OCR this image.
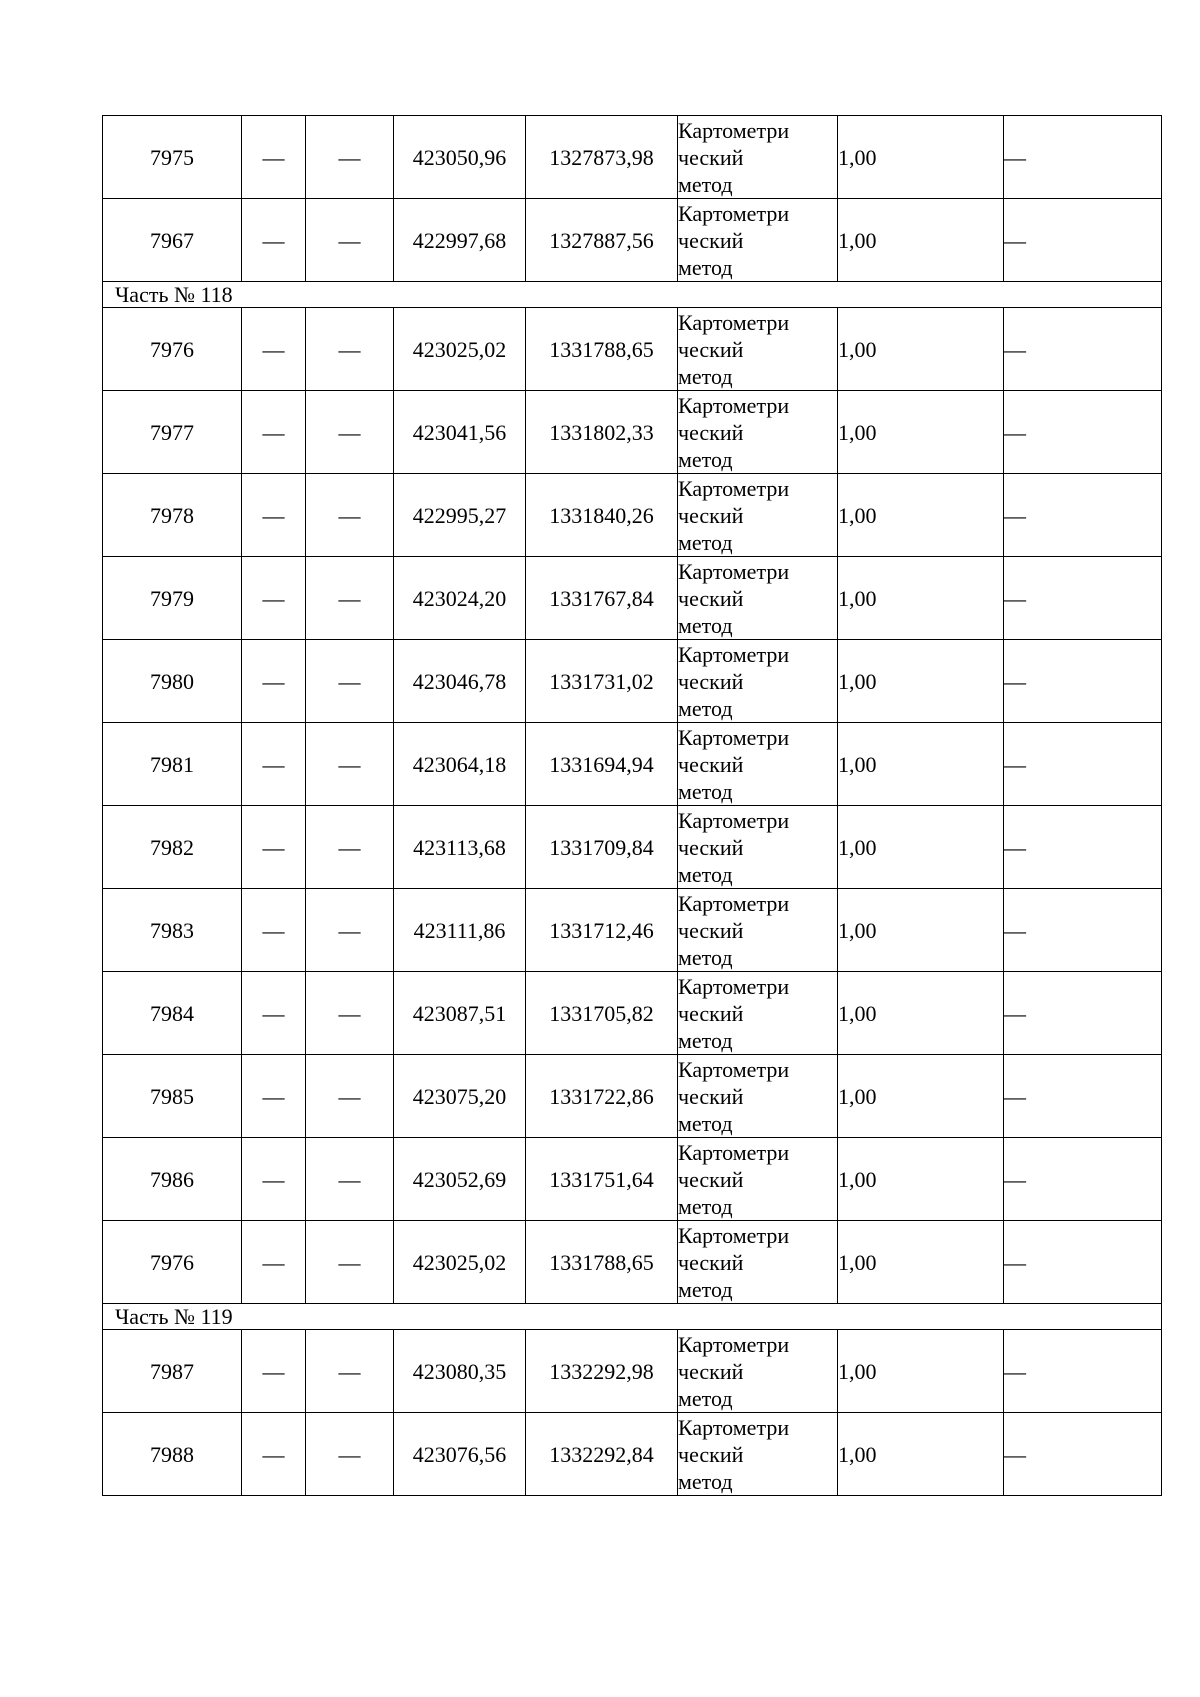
7975	—	—	423050,96	1327873,98	Картометри
ческий
метод	1,00	—
7967	—	—	422997,68	1327887,56	Картометри
ческий
метод	1,00	—
Часть № 118							
7976	—	—	423025,02	1331788,65	Картометри
ческий
метод	1,00	—
7977	—	—	423041,56	1331802,33	Картометри
ческий
метод	1,00	—
7978	—	—	422995,27	1331840,26	Картометри
ческий
метод	1,00	—
7979	—	—	423024,20	1331767,84	Картометри
ческий
метод	1,00	—
7980	—	—	423046,78	1331731,02	Картометри
ческий
метод	1,00	—
7981	—	—	423064,18	1331694,94	Картометри
ческий
метод	1,00	—
7982	—	—	423113,68	1331709,84	Картометри
ческий
метод	1,00	—
7983	—	—	423111,86	1331712,46	Картометри
ческий
метод	1,00	—
7984	—	—	423087,51	1331705,82	Картометри
ческий
метод	1,00	—
7985	—	—	423075,20	1331722,86	Картометри
ческий
метод	1,00	—
7986	—	—	423052,69	1331751,64	Картометри
ческий
метод	1,00	—
7976	—	—	423025,02	1331788,65	Картометри
ческий
метод	1,00	—
Часть № 119							
7987	—	—	423080,35	1332292,98	Картометри
ческий
метод	1,00	—
7988	—	—	423076,56	1332292,84	Картометри
ческий
метод	1,00	—
